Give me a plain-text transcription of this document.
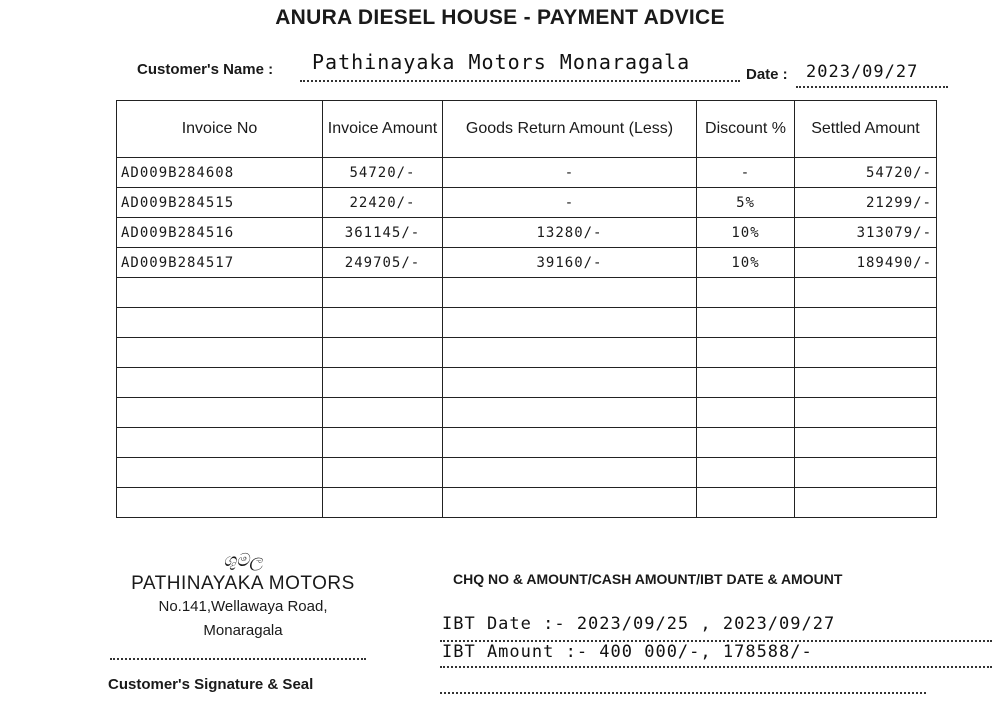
ANURA DIESEL HOUSE - PAYMENT ADVICE
Customer's Name : Pathinayaka Motors Monaragala
Date : 2023/09/27
Invoice No	Invoice Amount	Goods Return Amount (Less)	Discount %	Settled Amount
AD009B284608	54720/-	-	-	54720/-
AD009B284515	22420/-	-	5%	21299/-
AD009B284516	361145/-	13280/-	10%	313079/-
AD009B284517	249705/-	39160/-	10%	189490/-

ශුමල
PATHINAYAKA MOTORS
No.141,Wellawaya Road,
Monaragala
Customer's Signature & Seal
CHQ NO & AMOUNT/CASH AMOUNT/IBT DATE & AMOUNT
IBT Date :- 2023/09/25 , 2023/09/27
IBT Amount :- 400 000/-, 178588/-
